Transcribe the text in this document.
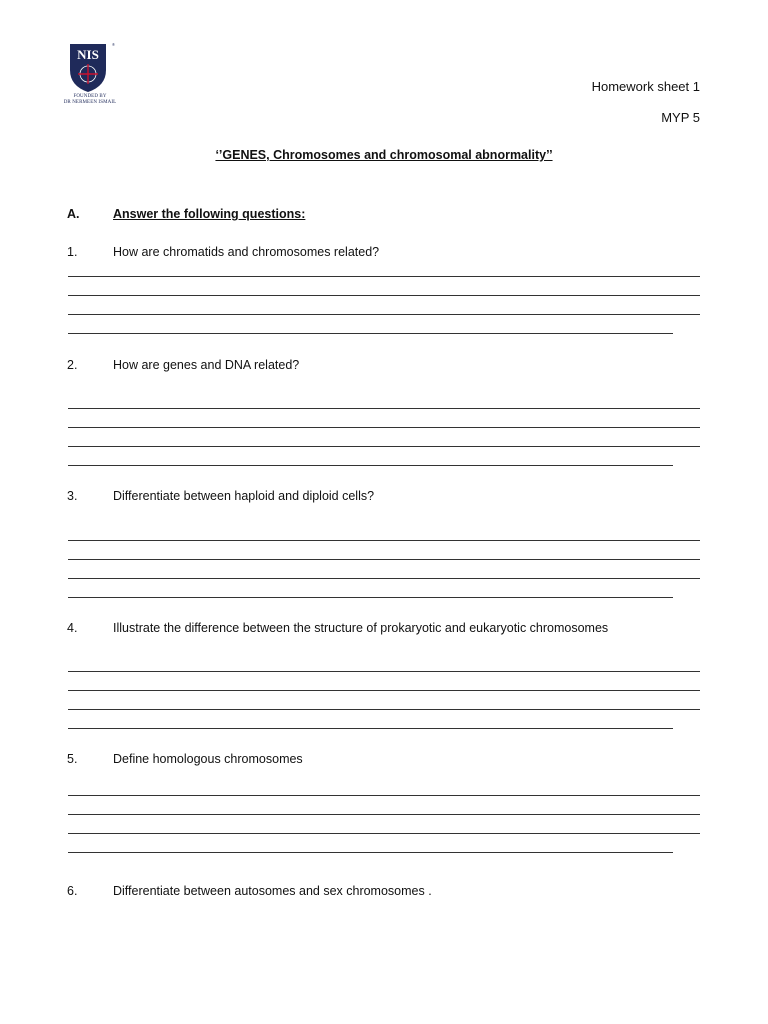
NIS
®
FOUNDED BY
DR NERMEEN ISMAIL
Homework sheet 1
MYP 5
‘’GENES, Chromosomes and chromosomal abnormality’’
A.	Answer the following questions:
1.	How are chromatids and chromosomes related?
2.	How are genes and DNA related?
3.	Differentiate between haploid and diploid cells?
4.	Illustrate the difference between the structure of prokaryotic and eukaryotic chromosomes
5.	Define homologous chromosomes
6.	Differentiate between autosomes and sex chromosomes .
